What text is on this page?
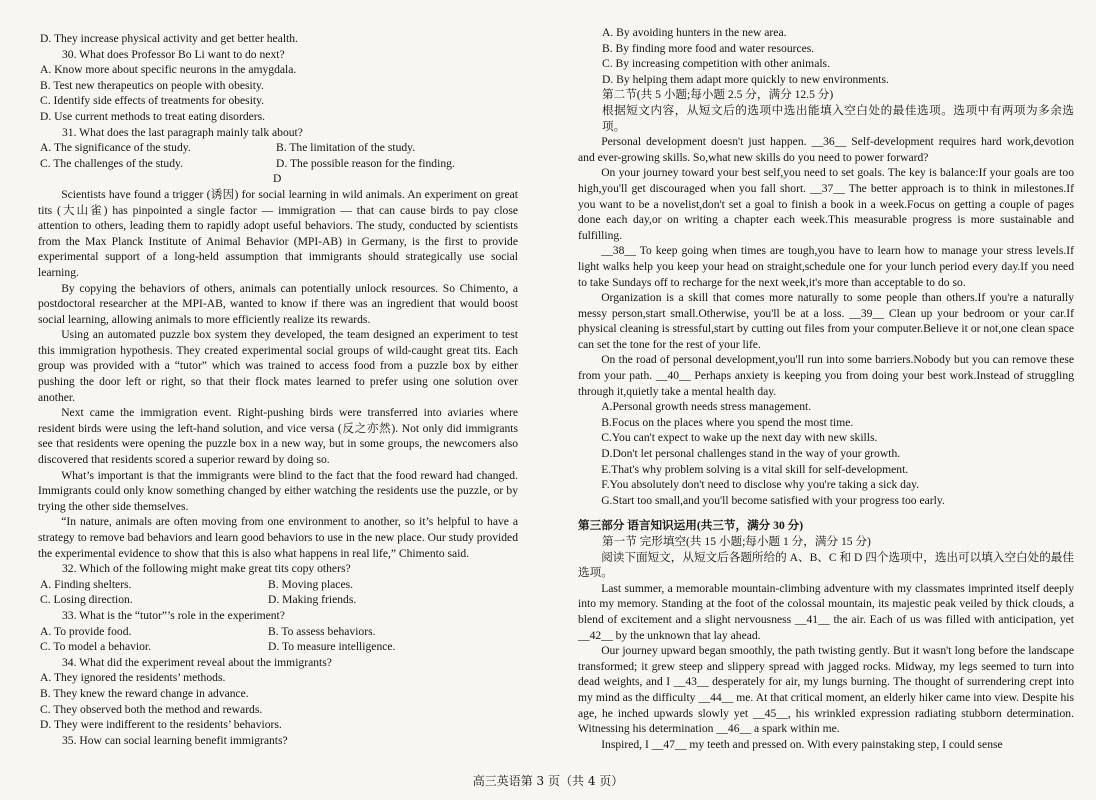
D. They increase physical activity and get better health.

30. What does Professor Bo Li want to do next?

A. Know more about specific neurons in the amygdala.

B. Test new therapeutics on people with obesity.

C. Identify side effects of treatments for obesity.

D. Use current methods to treat eating disorders.

31. What does the last paragraph mainly talk about?

A. The significance of the study.	B. The limitation of the study.
C. The challenges of the study.	D. The possible reason for the finding.

D

Scientists have found a trigger (诱因) for social learning in wild animals. An experiment on great tits (大山雀) has pinpointed a single factor — immigration — that can cause birds to pay close attention to others, leading them to rapidly adopt useful behaviors. The study, conducted by scientists from the Max Planck Institute of Animal Behavior (MPI-AB) in Germany, is the first to provide experimental support of a long-held assumption that immigrants should strategically use social learning.

By copying the behaviors of others, animals can potentially unlock resources. So Chimento, a postdoctoral researcher at the MPI-AB, wanted to know if there was an ingredient that would boost social learning, allowing animals to more efficiently realize its rewards.

Using an automated puzzle box system they developed, the team designed an experiment to test this immigration hypothesis. They created experimental social groups of wild-caught great tits. Each group was provided with a “tutor” which was trained to access food from a puzzle box by either pushing the door left or right, so that their flock mates learned to prefer using one solution over another.

Next came the immigration event. Right-pushing birds were transferred into aviaries where resident birds were using the left-hand solution, and vice versa (反之亦然). Not only did immigrants see that residents were opening the puzzle box in a new way, but in some groups, the newcomers also discovered that residents scored a superior reward by doing so.

What’s important is that the immigrants were blind to the fact that the food reward had changed. Immigrants could only know something changed by either watching the residents use the puzzle, or by trying the other side themselves.

“In nature, animals are often moving from one environment to another, so it’s helpful to have a strategy to remove bad behaviors and learn good behaviors to use in the new place. Our study provided the experimental evidence to show that this is also what happens in real life,” Chimento said.

32. Which of the following might make great tits copy others?

A. Finding shelters.	B. Moving places.
C. Losing direction.	D. Making friends.

33. What is the “tutor”’s role in the experiment?

A. To provide food.	B. To assess behaviors.
C. To model a behavior.	D. To measure intelligence.

34. What did the experiment reveal about the immigrants?

A. They ignored the residents’ methods.

B. They knew the reward change in advance.

C. They observed both the method and rewards.

D. They were indifferent to the residents’ behaviors.

35. How can social learning benefit immigrants?

A. By avoiding hunters in the new area.

B. By finding more food and water resources.

C. By increasing competition with other animals.

D. By helping them adapt more quickly to new environments.

第二节(共 5 小题;每小题 2.5 分，满分 12.5 分)

根据短文内容，从短文后的选项中选出能填入空白处的最佳选项。选项中有两项为多余选项。

Personal development doesn't just happen. __36__ Self-development requires hard work,devotion and ever-growing skills. So,what new skills do you need to power forward?

On your journey toward your best self,you need to set goals. The key is balance:If your goals are too high,you'll get discouraged when you fall short. __37__ The better approach is to think in milestones.If you want to be a novelist,don't set a goal to finish a book in a week.Focus on getting a couple of pages done each day,or on writing a chapter each week.This measurable progress is more sustainable and fulfilling.

__38__ To keep going when times are tough,you have to learn how to manage your stress levels.If light walks help you keep your head on straight,schedule one for your lunch period every day.If you need to take Sundays off to recharge for the next week,it's more than acceptable to do so.

Organization is a skill that comes more naturally to some people than others.If you're a naturally messy person,start small.Otherwise, you'll be at a loss. __39__ Clean up your bedroom or your car.If physical cleaning is stressful,start by cutting out files from your computer.Believe it or not,one clean space can set the tone for the rest of your life.

On the road of personal development,you'll run into some barriers.Nobody but you can remove these from your path. __40__ Perhaps anxiety is keeping you from doing your best work.Instead of struggling through it,quietly take a mental health day.

A.Personal growth needs stress management.

B.Focus on the places where you spend the most time.

C.You can't expect to wake up the next day with new skills.

D.Don't let personal challenges stand in the way of your growth.

E.That's why problem solving is a vital skill for self-development.

F.You absolutely don't need to disclose why you're taking a sick day.

G.Start too small,and you'll become satisfied with your progress too early.

第三部分 语言知识运用(共三节，满分 30 分)

第一节 完形填空(共 15 小题;每小题 1 分，满分 15 分)

阅读下面短文，从短文后各题所给的 A、B、C 和 D 四个选项中，选出可以填入空白处的最佳选项。

Last summer, a memorable mountain-climbing adventure with my classmates imprinted itself deeply into my memory. Standing at the foot of the colossal mountain, its majestic peak veiled by thick clouds, a blend of excitement and a slight nervousness __41__ the air. Each of us was filled with anticipation, yet __42__ by the unknown that lay ahead.

Our journey upward began smoothly, the path twisting gently. But it wasn't long before the landscape transformed; it grew steep and slippery spread with jagged rocks. Midway, my legs seemed to turn into dead weights, and I __43__ desperately for air, my lungs burning. The thought of surrendering crept into my mind as the difficulty __44__ me. At that critical moment, an elderly hiker came into view. Despite his age, he inched upwards slowly yet __45__, his wrinkled expression radiating stubborn determination. Witnessing his determination __46__ a spark within me.

Inspired, I __47__ my teeth and pressed on. With every painstaking step, I could sense

高三英语第 3 页（共 4 页）
